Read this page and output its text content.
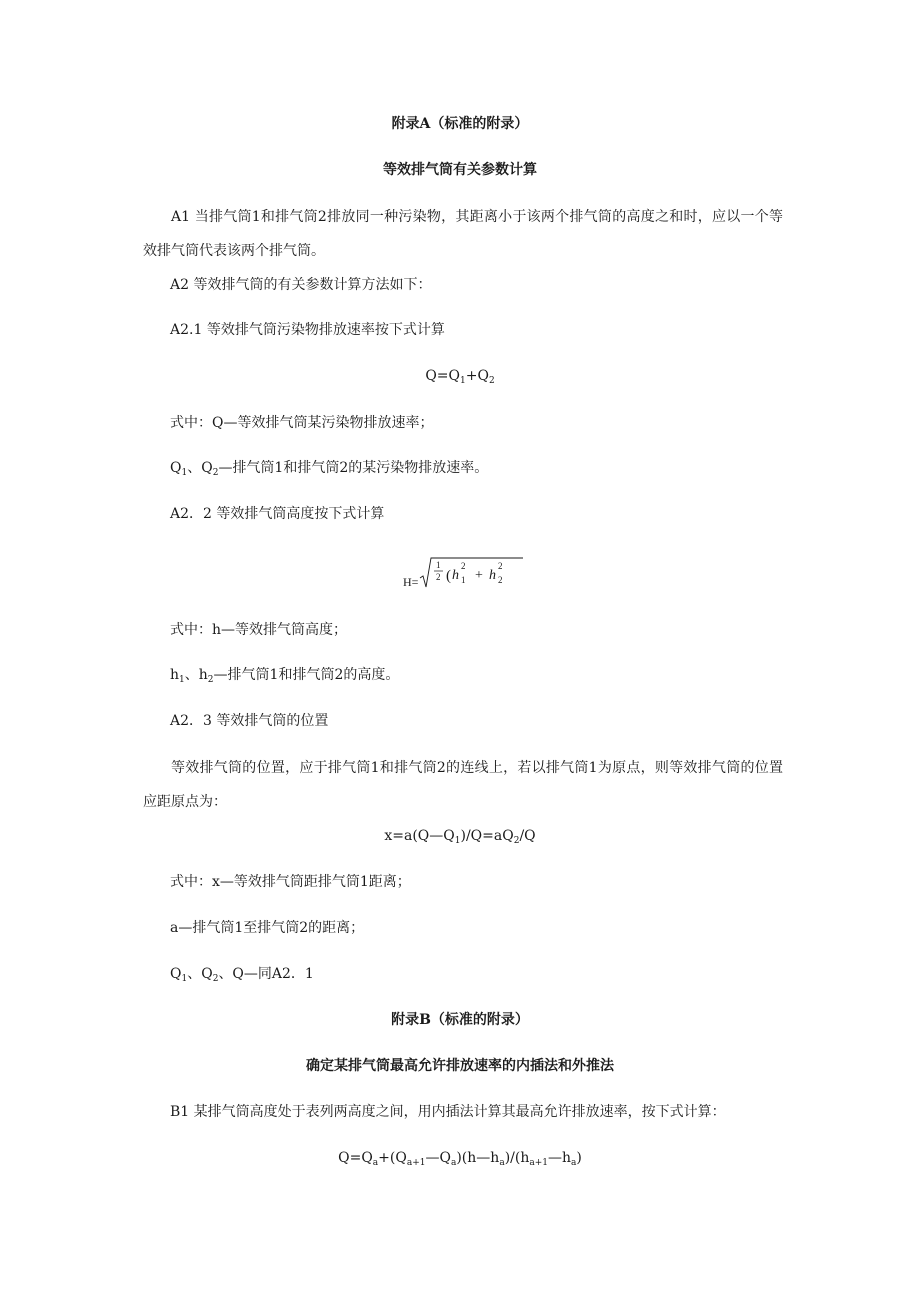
附录A（标准的附录）
等效排气筒有关参数计算
A1 当排气筒1和排气筒2排放同一种污染物，其距离小于该两个排气筒的高度之和时，应以一个等效排气筒代表该两个排气筒。
A2 等效排气筒的有关参数计算方法如下：
A2.1 等效排气筒污染物排放速率按下式计算
$Q=Q_1+Q_2$
式中：Q—等效排气筒某污染物排放速率；
$Q_1$、$Q_2—$排气筒1和排气筒2的某污染物排放速率。
A2．2 等效排气筒高度按下式计算
H=
1
2 ( h
2
1 + h
2
2
式中：h—等效排气筒高度；
$h_1$、$h_2—$排气筒1和排气筒2的高度。
A2．3 等效排气筒的位置
等效排气筒的位置，应于排气筒1和排气筒2的连线上，若以排气筒1为原点，则等效排气筒的位置应距原点为：
$x=a(Q—Q_1)/Q=aQ_2/Q$
式中：x—等效排气筒距排气筒1距离；
a—排气筒1至排气筒2的距离；
$Q_1$、$Q_2$、Q—同A2．1
附录B（标准的附录）
确定某排气筒最高允许排放速率的内插法和外推法
B1 某排气筒高度处于表列两高度之间，用内插法计算其最高允许排放速率，按下式计算：
$Q=Q_a+(Q_{a+1}—Q_a)(h—h_a)/(h_{a+1}—h_a)$
